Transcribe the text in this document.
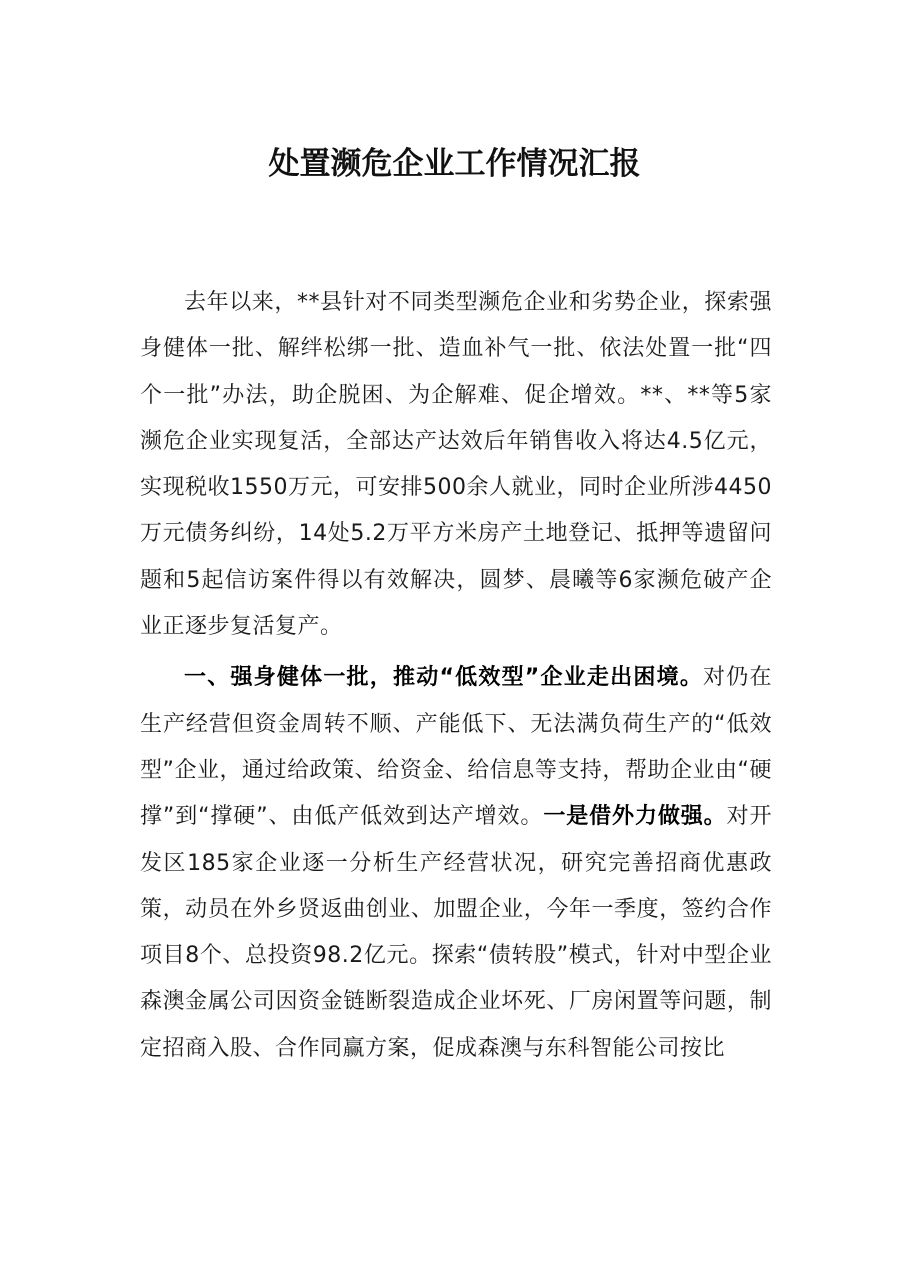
处置濒危企业工作情况汇报

去年以来，**县针对不同类型濒危企业和劣势企业，探索强身健体一批、解绊松绑一批、造血补气一批、依法处置一批“四个一批”办法，助企脱困、为企解难、促企增效。**、**等5家濒危企业实现复活，全部达产达效后年销售收入将达4.5亿元，实现税收1550万元，可安排500余人就业，同时企业所涉4450万元债务纠纷，14处5.2万平方米房产土地登记、抵押等遗留问题和5起信访案件得以有效解决，圆梦、晨曦等6家濒危破产企业正逐步复活复产。

一、强身健体一批，推动“低效型”企业走出困境。对仍在生产经营但资金周转不顺、产能低下、无法满负荷生产的“低效型”企业，通过给政策、给资金、给信息等支持，帮助企业由“硬撑”到“撑硬”、由低产低效到达产增效。一是借外力做强。对开发区185家企业逐一分析生产经营状况，研究完善招商优惠政策，动员在外乡贤返曲创业、加盟企业，今年一季度，签约合作项目8个、总投资98.2亿元。探索“债转股”模式，针对中型企业森澳金属公司因资金链断裂造成企业坏死、厂房闲置等问题，制定招商入股、合作同赢方案，促成森澳与东科智能公司按比
